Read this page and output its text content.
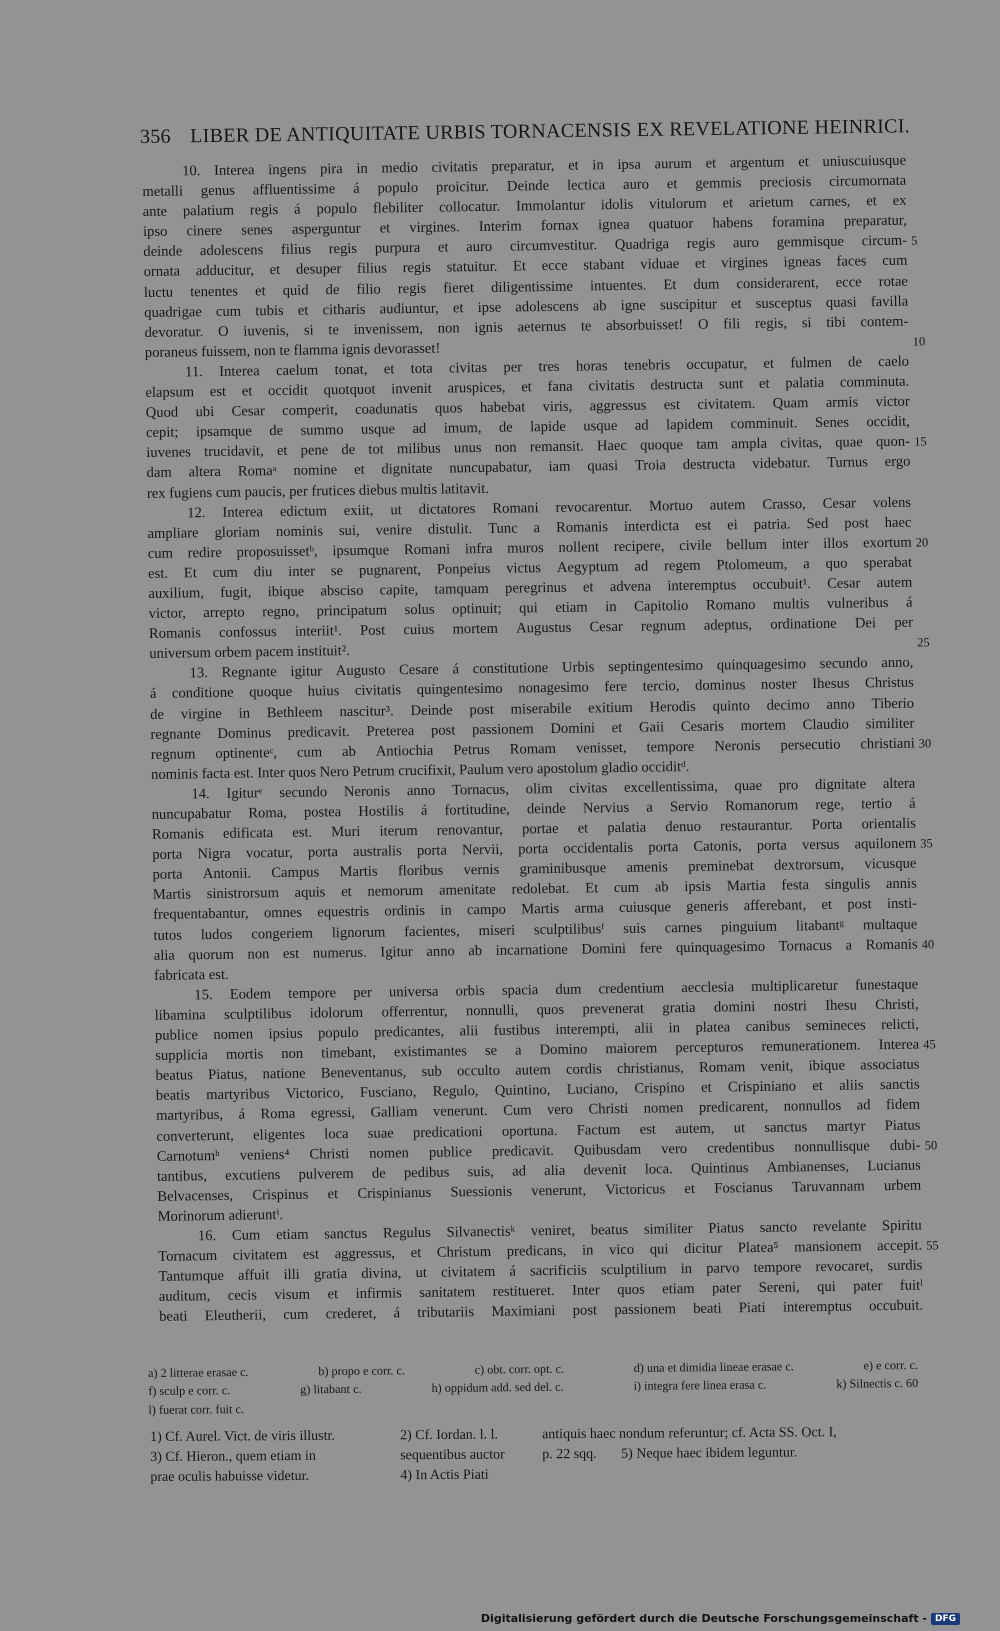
356 LIBER DE ANTIQUITATE URBIS TORNACENSIS EX REVELATIONE HEINRICI.
10. Interea ingens pira in medio civitatis preparatur, et in ipsa aurum et argentum et uniuscuiusque
metalli genus affluentissime á populo proicitur. Deinde lectica auro et gemmis preciosis circumornata
ante palatium regis á populo flebiliter collocatur. Immolantur idolis vitulorum et arietum carnes, et ex
ipso cinere senes asperguntur et virgines. Interim fornax ignea quatuor habens foramina preparatur,
deinde adolescens filius regis purpura et auro circumvestitur. Quadriga regis auro gemmisque circum- 5
ornata adducitur, et desuper filius regis statuitur. Et ecce stabant viduae et virgines igneas faces cum
luctu tenentes et quid de filio regis fieret diligentissime intuentes. Et dum considerarent, ecce rotae
quadrigae cum tubis et citharis audiuntur, et ipse adolescens ab igne suscipitur et susceptus quasi favilla
devoratur. O iuvenis, si te invenissem, non ignis aeternus te absorbuisset! O fili regis, si tibi contem-
poraneus fuissem, non te flamma ignis devorasset!	10
11. Interea caelum tonat, et tota civitas per tres horas tenebris occupatur, et fulmen de caelo
elapsum est et occidit quotquot invenit aruspices, et fana civitatis destructa sunt et palatia comminuta.
Quod ubi Cesar comperit, coadunatis quos habebat viris, aggressus est civitatem. Quam armis victor
cepit; ipsamque de summo usque ad imum, de lapide usque ad lapidem comminuit. Senes occidit,
iuvenes trucidavit, et pene de tot milibus unus non remansit. Haec quoque tam ampla civitas, quae quon- 15
dam altera Romaᵃ nomine et dignitate nuncupabatur, iam quasi Troia destructa videbatur. Turnus ergo
rex fugiens cum paucis, per frutices diebus multis latitavit.
12. Interea edictum exiit, ut dictatores Romani revocarentur. Mortuo autem Crasso, Cesar volens
ampliare gloriam nominis sui, venire distulit. Tunc a Romanis interdicta est ei patria. Sed post haec
cum redire proposuissetᵇ, ipsumque Romani infra muros nollent recipere, civile bellum inter illos exortum 20
est. Et cum diu inter se pugnarent, Ponpeius victus Aegyptum ad regem Ptolomeum, a quo sperabat
auxilium, fugit, ibique absciso capite, tamquam peregrinus et advena interemptus occubuit¹. Cesar autem
victor, arrepto regno, principatum solus optinuit; qui etiam in Capitolio Romano multis vulneribus á
Romanis confossus interiit¹. Post cuius mortem Augustus Cesar regnum adeptus, ordinatione Dei per
universum orbem pacem instituit².
25
13. Regnante igitur Augusto Cesare á constitutione Urbis septingentesimo quinquagesimo secundo anno,
á conditione quoque huius civitatis quingentesimo nonagesimo fere tercio, dominus noster Ihesus Christus
de virgine in Bethleem nascitur³. Deinde post miserabile exitium Herodis quinto decimo anno Tiberio
regnante Dominus predicavit. Preterea post passionem Domini et Gaii Cesaris mortem Claudio similiter
regnum optinenteᶜ, cum ab Antiochia Petrus Romam venisset, tempore Neronis persecutio christiani 30
nominis facta est. Inter quos Nero Petrum crucifixit, Paulum vero apostolum gladio occiditᵈ.
14. Igiturᵉ secundo Neronis anno Tornacus, olim civitas excellentissima, quae pro dignitate altera
nuncupabatur Roma, postea Hostilis á fortitudine, deinde Nervius a Servio Romanorum rege, tertio á
Romanis edificata est. Muri iterum renovantur, portae et palatia denuo restaurantur. Porta orientalis
porta Nigra vocatur, porta australis porta Nervii, porta occidentalis porta Catonis, porta versus aquilonem 35
porta Antonii. Campus Martis floribus vernis graminibusque amenis preminebat dextrorsum, vicusque
Martis sinistrorsum aquis et nemorum amenitate redolebat. Et cum ab ipsis Martia festa singulis annis
frequentabantur, omnes equestris ordinis in campo Martis arma cuiusque generis afferebant, et post insti-
tutos ludos congeriem lignorum facientes, miseri sculptilibusᶠ suis carnes pinguium litabantᵍ multaque
alia quorum non est numerus. Igitur anno ab incarnatione Domini fere quinquagesimo Tornacus a Romanis 40
fabricata est.
15. Eodem tempore per universa orbis spacia dum credentium aecclesia multiplicaretur funestaque
libamina sculptilibus idolorum offerrentur, nonnulli, quos prevenerat gratia domini nostri Ihesu Christi,
publice nomen ipsius populo predicantes, alii fustibus interempti, alii in platea canibus semineces relicti,
supplicia mortis non timebant, existimantes se a Domino maiorem percepturos remunerationem. Interea 45
beatus Piatus, natione Beneventanus, sub occulto autem cordis christianus, Romam venit, ibique associatus
beatis martyribus Victorico, Fusciano, Regulo, Quintino, Luciano, Crispino et Crispiniano et aliis sanctis
martyribus, á Roma egressi, Galliam venerunt. Cum vero Christi nomen predicarent, nonnullos ad fidem
converterunt, eligentes loca suae predicationi oportuna. Factum est autem, ut sanctus martyr Piatus
Carnotumʰ veniens⁴ Christi nomen publice predicavit. Quibusdam vero credentibus nonnullisque dubi- 50
tantibus, excutiens pulverem de pedibus suis, ad alia devenit loca. Quintinus Ambianenses, Lucianus
Belvacenses, Crispinus et Crispinianus Suessionis venerunt, Victoricus et Foscianus Taruvannam urbem
Morinorum adieruntⁱ.
16. Cum etiam sanctus Regulus Silvanectisᵏ veniret, beatus similiter Piatus sancto revelante Spiritu
Tornacum civitatem est aggressus, et Christum predicans, in vico qui dicitur Platea⁵ mansionem accepit. 55
Tantumque affuit illi gratia divina, ut civitatem á sacrificiis sculptilium in parvo tempore revocaret, surdis
auditum, cecis visum et infirmis sanitatem restitueret. Inter quos etiam pater Sereni, qui pater fuitˡ
beati Eleutherii, cum crederet, á tributariis Maximiani post passionem beati Piati interemptus occubuit.
a) 2 litterae erasae c.	b) propo e corr. c.	c) obt. corr. opt. c.	d) una et dimidia lineae erasae c.	e) e corr. c.
f) sculp e corr. c.	g) litabant c.	h) oppidum add. sed del. c.	i) integra fere linea erasa c.	k) Silnectis c. 60
l) fuerat corr. fuit c.
1) Cf. Aurel. Vict. de viris illustr.
3) Cf. Hieron., quem etiam in
prae oculis habuisse videtur.
2) Cf. Iordan. l. l.
sequentibus auctor
4) In Actis Piati
antiquis haec nondum referuntur; cf. Acta SS. Oct. I,
p. 22 sqq.       5) Neque haec ibidem leguntur.
Digitalisierung gefördert durch die Deutsche Forschungsgemeinschaft - DFG
